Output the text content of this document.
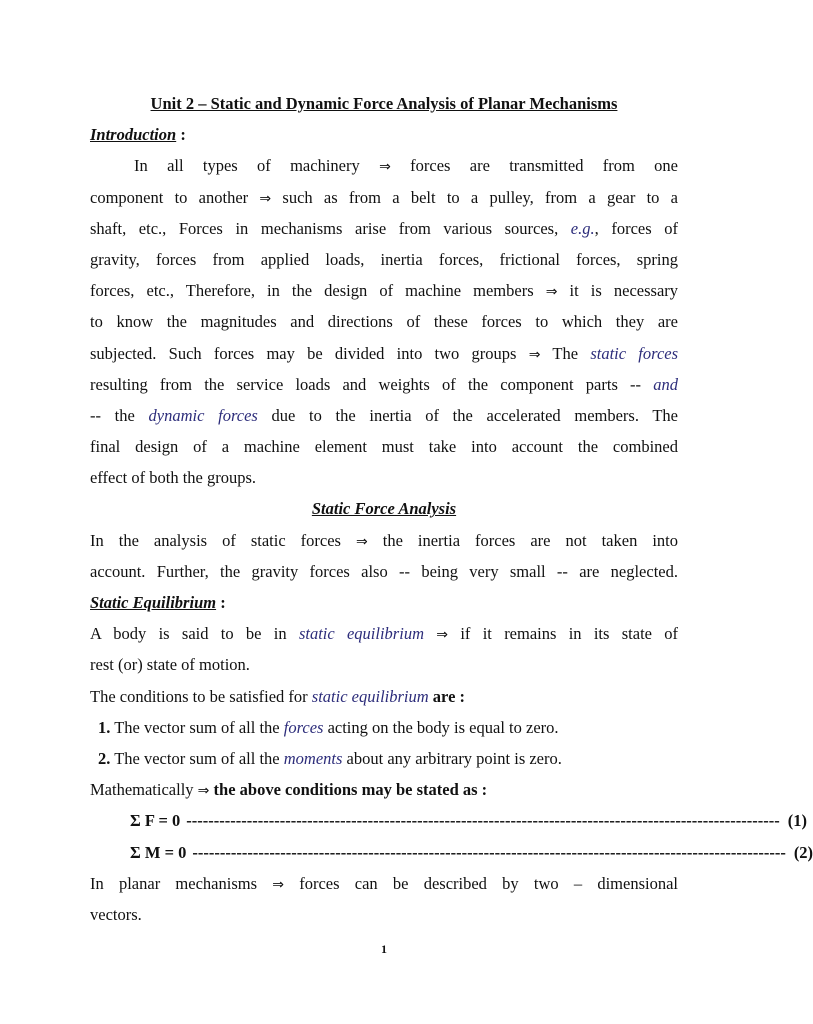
Unit 2 – Static and Dynamic Force Analysis of Planar Mechanisms
Introduction :
In all types of machinery ⇒ forces are transmitted from one
component to another ⇒ such as from a belt to a pulley, from a gear to a
shaft, etc., Forces in mechanisms arise from various sources, e.g., forces of
gravity, forces from applied loads, inertia forces, frictional forces, spring
forces, etc., Therefore, in the design of machine members ⇒ it is necessary
to know the magnitudes and directions of these forces to which they are
subjected. Such forces may be divided into two groups ⇒ The static forces
resulting from the service loads and weights of the component parts -- and
-- the dynamic forces due to the inertia of the accelerated members. The
final design of a machine element must take into account the combined
effect of both the groups.
Static Force Analysis
In the analysis of static forces ⇒ the inertia forces are not taken into
account. Further, the gravity forces also -- being very small -- are neglected.
Static Equilibrium :
A body is said to be in static equilibrium ⇒ if it remains in its state of
rest (or) state of motion.
The conditions to be satisfied for static equilibrium are :
1. The vector sum of all the forces acting on the body is equal to zero.
2. The vector sum of all the moments about any arbitrary point is zero.
Mathematically ⇒ the above conditions may be stated as :
Σ F = 0 ------------------------------------------------------------------------------------------------------------ (1)
Σ M = 0 ------------------------------------------------------------------------------------------------------------ (2)
In planar mechanisms ⇒ forces can be described by two – dimensional
vectors.
1
